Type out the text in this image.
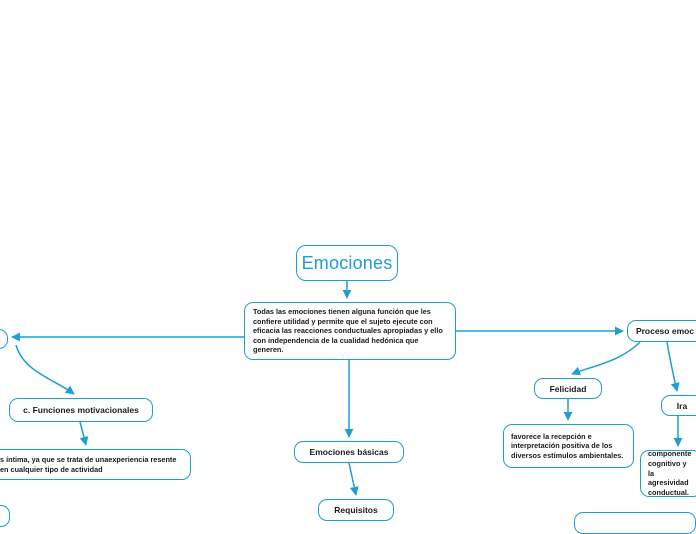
Emociones
Todas las emociones tienen alguna función que les confiere utilidad y permite que el sujeto ejecute con eficacia las reacciones conductuales apropiadas y ello con independencia de la cualidad hedónica que generen.
Proceso emoc
c. Funciones motivacionales
s íntima, ya que se trata de unaexperiencia resente en cualquier tipo de actividad
Emociones básicas
Requisitos
Felicidad
favorece la recepción e interpretación positiva de los diversos estímulos ambientales.
Ira
componente cognitivo y la agresividad conductual.
